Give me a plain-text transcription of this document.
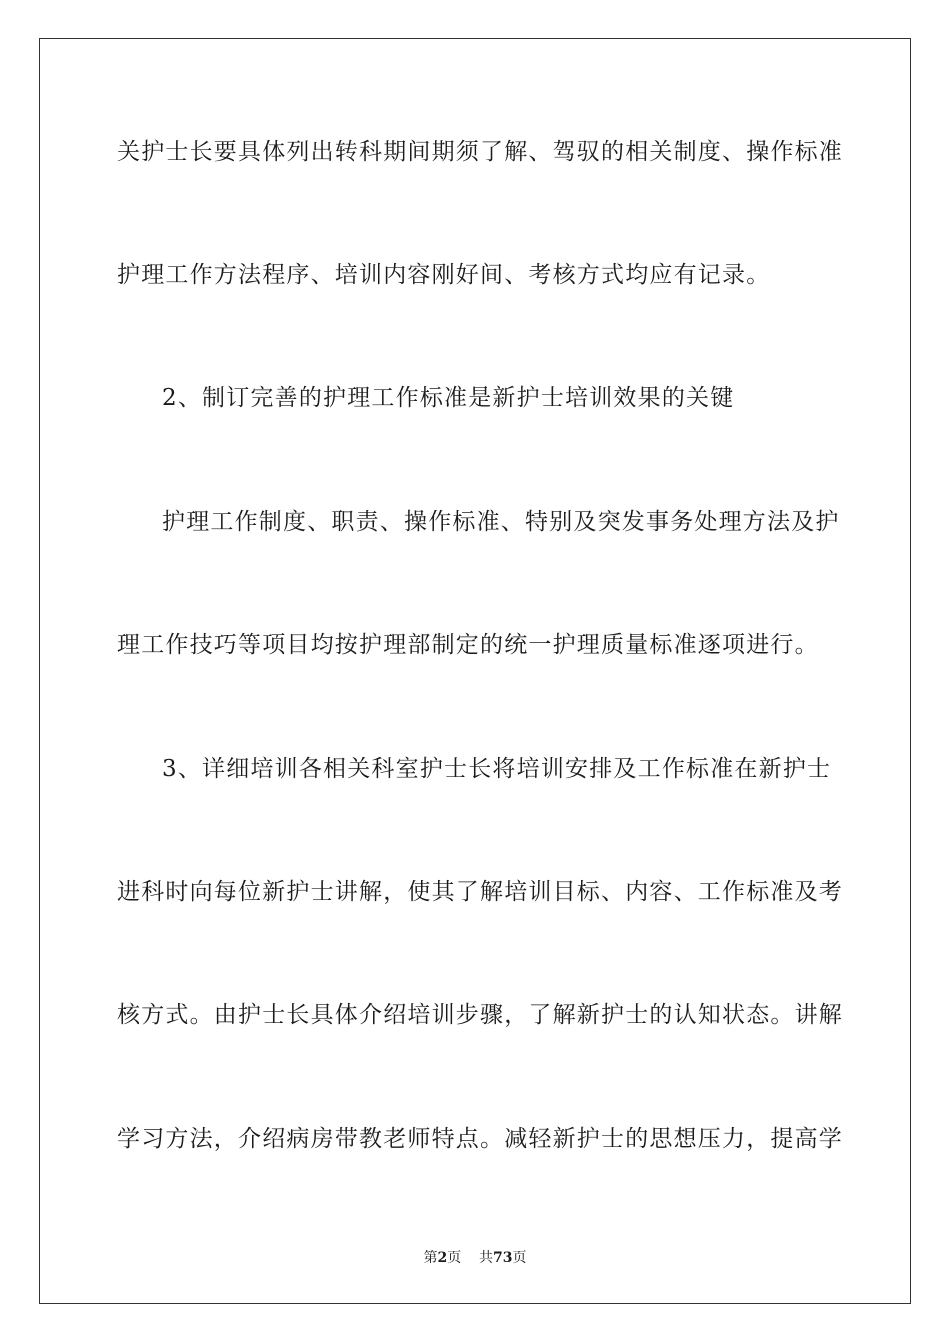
关护士长要具体列出转科期间期须了解、驾驭的相关制度、操作标准
护理工作方法程序、培训内容刚好间、考核方式均应有记录。
2、制订完善的护理工作标准是新护士培训效果的关键
护理工作制度、职责、操作标准、特别及突发事务处理方法及护
理工作技巧等项目均按护理部制定的统一护理质量标准逐项进行。
3、详细培训各相关科室护士长将培训安排及工作标准在新护士
进科时向每位新护士讲解，使其了解培训目标、内容、工作标准及考
核方式。由护士长具体介绍培训步骤，了解新护士的认知状态。讲解
学习方法，介绍病房带教老师特点。减轻新护士的思想压力，提高学
第2页 共73页
